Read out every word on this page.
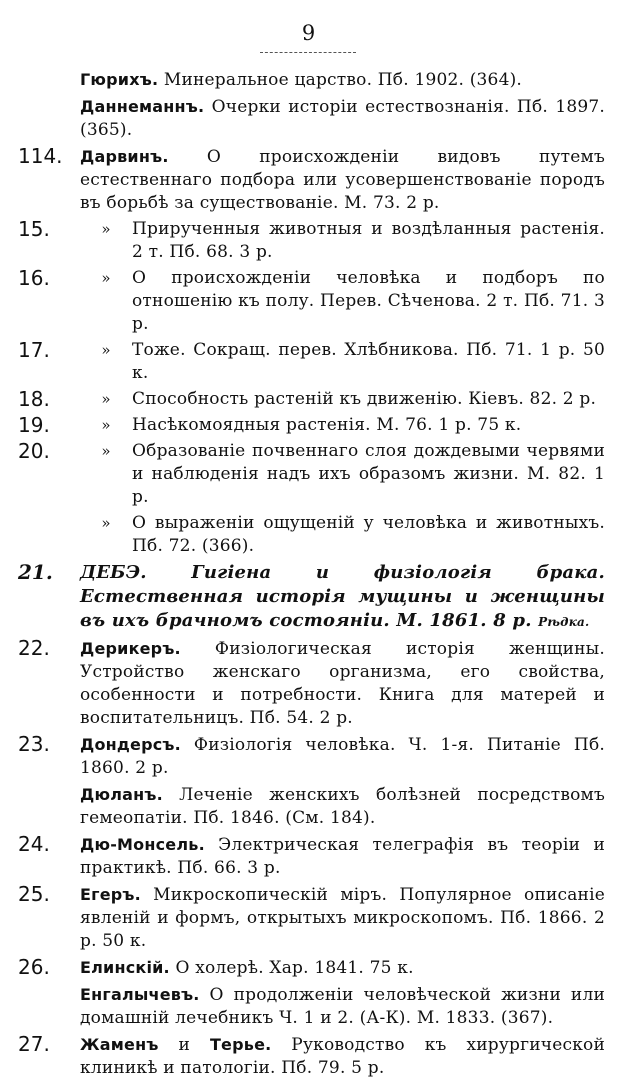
9
Гюрихъ. Минеральное царство. Пб. 1902. (364).
Даннеманнъ. Очерки исторіи естествознанія. Пб. 1897. (365).
114.	Дарвинъ. О происхожденіи видовъ путемъ естественнаго подбора или усовершенствованіе породъ въ борьбѣ за существованіе. М. 73. 2 р.
15.	»	Прирученныя животныя и воздѣланныя растенія. 2 т. Пб. 68. 3 р.
16.	»	О происхожденіи человѣка и подборъ по отношенію къ полу. Перев. Сѣченова. 2 т. Пб. 71. 3 р.
17.	»	Тоже. Сокращ. перев. Хлѣбникова. Пб. 71. 1 р. 50 к.
18.	»	Способность растеній къ движенію. Кіевъ. 82. 2 р.
19.	»	Насѣкомоядныя растенія. М. 76. 1 р. 75 к.
20.	»	Образованіе почвеннаго слоя дождевыми червями и наблюденія надъ ихъ образомъ жизни. М. 82. 1 р.
»	О выраженіи ощущеній у человѣка и животныхъ. Пб. 72. (366).
21.	ДЕБЭ. Гигіена и физіологія брака. Естественная исторія мущины и женщины въ ихъ брачномъ состояніи. М. 1861. 8 р. Рѣдка.
22.	Дерикеръ. Физіологическая исторія женщины. Устройство женскаго организма, его свойства, особенности и потребности. Книга для матерей и воспитательницъ. Пб. 54. 2 р.
23.	Дондерсъ. Физіологія человѣка. Ч. 1-я. Питаніе Пб. 1860. 2 р.
Дюланъ. Леченіе женскихъ болѣзней посредствомъ гемеопатіи. Пб. 1846. (См. 184).
24.	Дю-Монсель. Электрическая телеграфія въ теоріи и практикѣ. Пб. 66. 3 р.
25.	Егеръ. Микроскопическій міръ. Популярное описаніе явленій и формъ, открытыхъ микроскопомъ. Пб. 1866. 2 р. 50 к.
26.	Елинскій. О холерѣ. Хар. 1841. 75 к.
Енгалычевъ. О продолженіи человѣческой жизни или домашній лечебникъ Ч. 1 и 2. (А-К). М. 1833. (367).
27.	Жаменъ и Терье. Руководство къ хирургической клиникѣ и патологіи. Пб. 79. 5 р.
